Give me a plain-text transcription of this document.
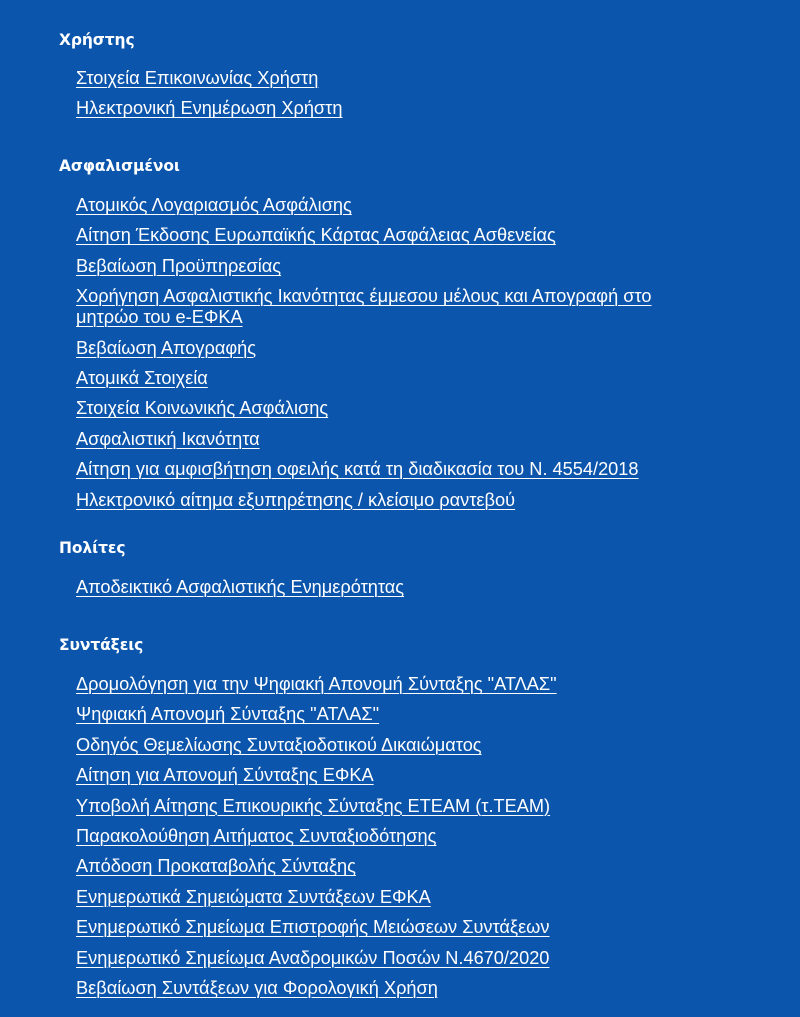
Χρήστης
Στοιχεία Επικοινωνίας Χρήστη
Ηλεκτρονική Ενημέρωση Χρήστη
Ασφαλισμένοι
Ατομικός Λογαριασμός Ασφάλισης
Αίτηση Έκδοσης Ευρωπαϊκής Κάρτας Ασφάλειας Ασθενείας
Βεβαίωση Προϋπηρεσίας
Χορήγηση Ασφαλιστικής Ικανότητας έμμεσου μέλους και Απογραφή στο μητρώο του e-ΕΦΚΑ
Βεβαίωση Απογραφής
Ατομικά Στοιχεία
Στοιχεία Κοινωνικής Ασφάλισης
Ασφαλιστική Ικανότητα
Αίτηση για αμφισβήτηση οφειλής κατά τη διαδικασία του Ν. 4554/2018
Ηλεκτρονικό αίτημα εξυπηρέτησης / κλείσιμο ραντεβού
Πολίτες
Αποδεικτικό Ασφαλιστικής Ενημερότητας
Συντάξεις
Δρομολόγηση για την Ψηφιακή Απονομή Σύνταξης "ΑΤΛΑΣ"
Ψηφιακή Απονομή Σύνταξης "ΑΤΛΑΣ"
Οδηγός Θεμελίωσης Συνταξιοδοτικού Δικαιώματος
Αίτηση για Απονομή Σύνταξης ΕΦΚΑ
Υποβολή Αίτησης Επικουρικής Σύνταξης ΕΤΕΑΜ (τ.ΤΕΑΜ)
Παρακολούθηση Αιτήματος Συνταξιοδότησης
Απόδοση Προκαταβολής Σύνταξης
Ενημερωτικά Σημειώματα Συντάξεων ΕΦΚΑ
Ενημερωτικό Σημείωμα Επιστροφής Μειώσεων Συντάξεων
Ενημερωτικό Σημείωμα Αναδρομικών Ποσών Ν.4670/2020
Βεβαίωση Συντάξεων για Φορολογική Χρήση
